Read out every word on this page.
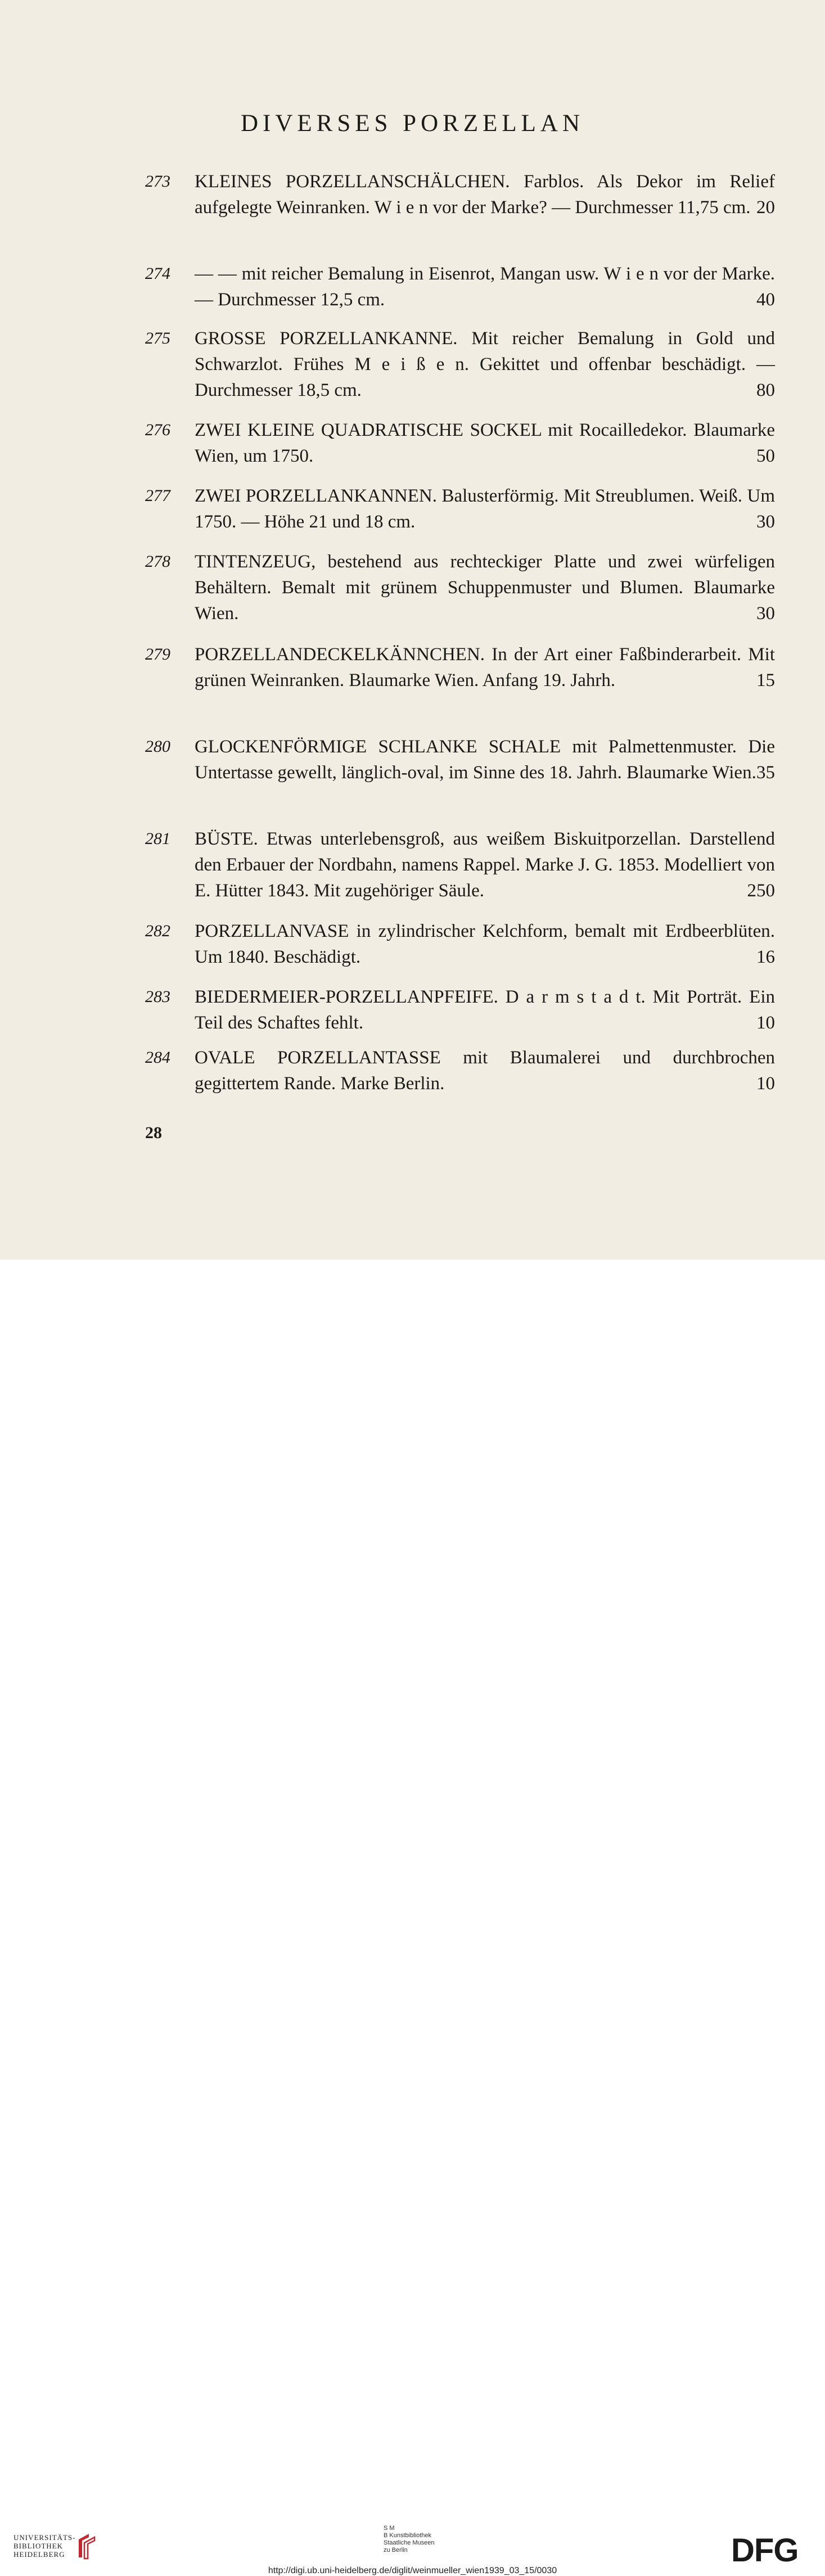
DIVERSES PORZELLAN
273 KLEINES PORZELLANSCHÄLCHEN. Farblos. Als Dekor im Relief aufgelegte Weinranken. W i e n vor der Marke? — Durchmesser 11,75 cm. 20
274 — — mit reicher Bemalung in Eisenrot, Mangan usw. W i e n vor der Marke. — Durchmesser 12,5 cm.	40
275 GROSSE PORZELLANKANNE. Mit reicher Bemalung in Gold und Schwarzlot. Frühes M e i ß e n. Gekittet und offenbar beschädigt. — Durchmesser 18,5 cm.	80
276 ZWEI KLEINE QUADRATISCHE SOCKEL mit Rocailledekor. Blaumarke Wien, um 1750.	50
277 ZWEI PORZELLANKANNEN. Balusterförmig. Mit Streublumen. Weiß. Um 1750. — Höhe 21 und 18 cm.	30
278 TINTENZEUG, bestehend aus rechteckiger Platte und zwei würfeligen Behältern. Bemalt mit grünem Schuppenmuster und Blumen. Blaumarke Wien.	30
279 PORZELLANDECKELKÄNNCHEN. In der Art einer Faßbinderarbeit. Mit grünen Weinranken. Blaumarke Wien. Anfang 19. Jahrh.	15
280 GLOCKENFÖRMIGE SCHLANKE SCHALE mit Palmettenmuster. Die Untertasse gewellt, länglich-oval, im Sinne des 18. Jahrh. Blaumarke Wien. 35
281 BÜSTE. Etwas unterlebensgroß, aus weißem Biskuitporzellan. Darstellend den Erbauer der Nordbahn, namens Rappel. Marke J. G. 1853. Modelliert von E. Hütter 1843. Mit zugehöriger Säule.	250
282 PORZELLANVASE in zylindrischer Kelchform, bemalt mit Erdbeerblüten. Um 1840. Beschädigt.	16
283 BIEDERMEIER-PORZELLANPFEIFE. D a r m s t a d t. Mit Porträt. Ein Teil des Schaftes fehlt.	10
284 OVALE PORZELLANTASSE mit Blaumalerei und durchbrochen gegittertem Rande. Marke Berlin.	10
28
UNIVERSITÄTS-
BIBLIOTHEK
HEIDELBERG
S M
B Kunstbibliothek
Staatliche Museen
zu Berlin	DFG
http://digi.ub.uni-heidelberg.de/diglit/weinmueller_wien1939_03_15/0030
